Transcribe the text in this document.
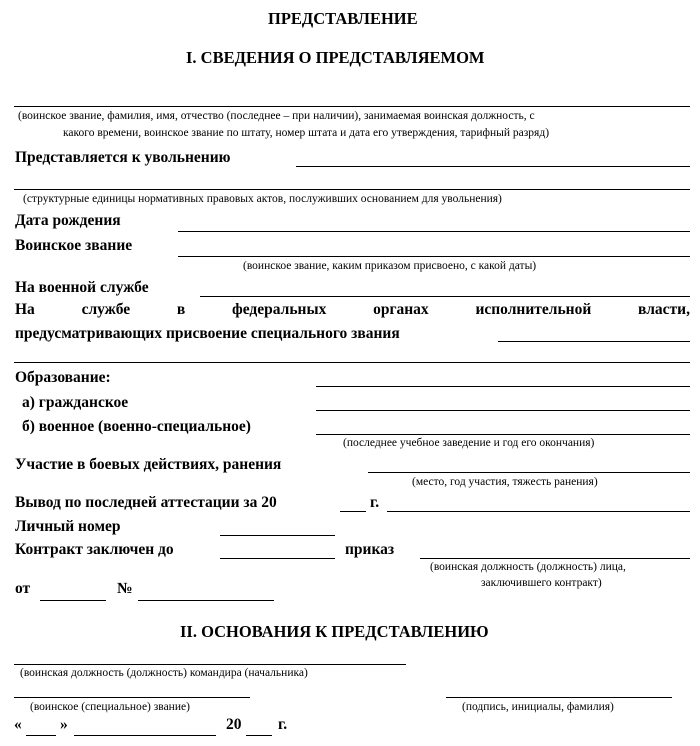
ПРЕДСТАВЛЕНИЕ
I. СВЕДЕНИЯ О ПРЕДСТАВЛЯЕМОМ
(воинское звание, фамилия, имя, отчество (последнее – при наличии), занимаемая воинская должность, с
какого времени, воинское звание по штату, номер штата и дата его утверждения, тарифный разряд)
Представляется к увольнению
(структурные единицы нормативных правовых актов, послуживших основанием для увольнения)
Дата рождения
Воинское звание
(воинское звание, каким приказом присвоено, с какой даты)
На военной службе
На	службе	в	федеральных	органах	исполнительной	власти,
предусматривающих присвоение специального звания
Образование:
а) гражданское
б) военное (военно-специальное)
(последнее учебное заведение и год его окончания)
Участие в боевых действиях, ранения
(место, год участия, тяжесть ранения)
Вывод по последней аттестации за 20	г.
Личный номер
Контракт заключен до	приказ
(воинская должность (должность) лица,
заключившего контракт)
от	№
II. ОСНОВАНИЯ К ПРЕДСТАВЛЕНИЮ
(воинская должность (должность) командира (начальника)
(воинское (специальное) звание)	(подпись, инициалы, фамилия)
« »	20 г.
